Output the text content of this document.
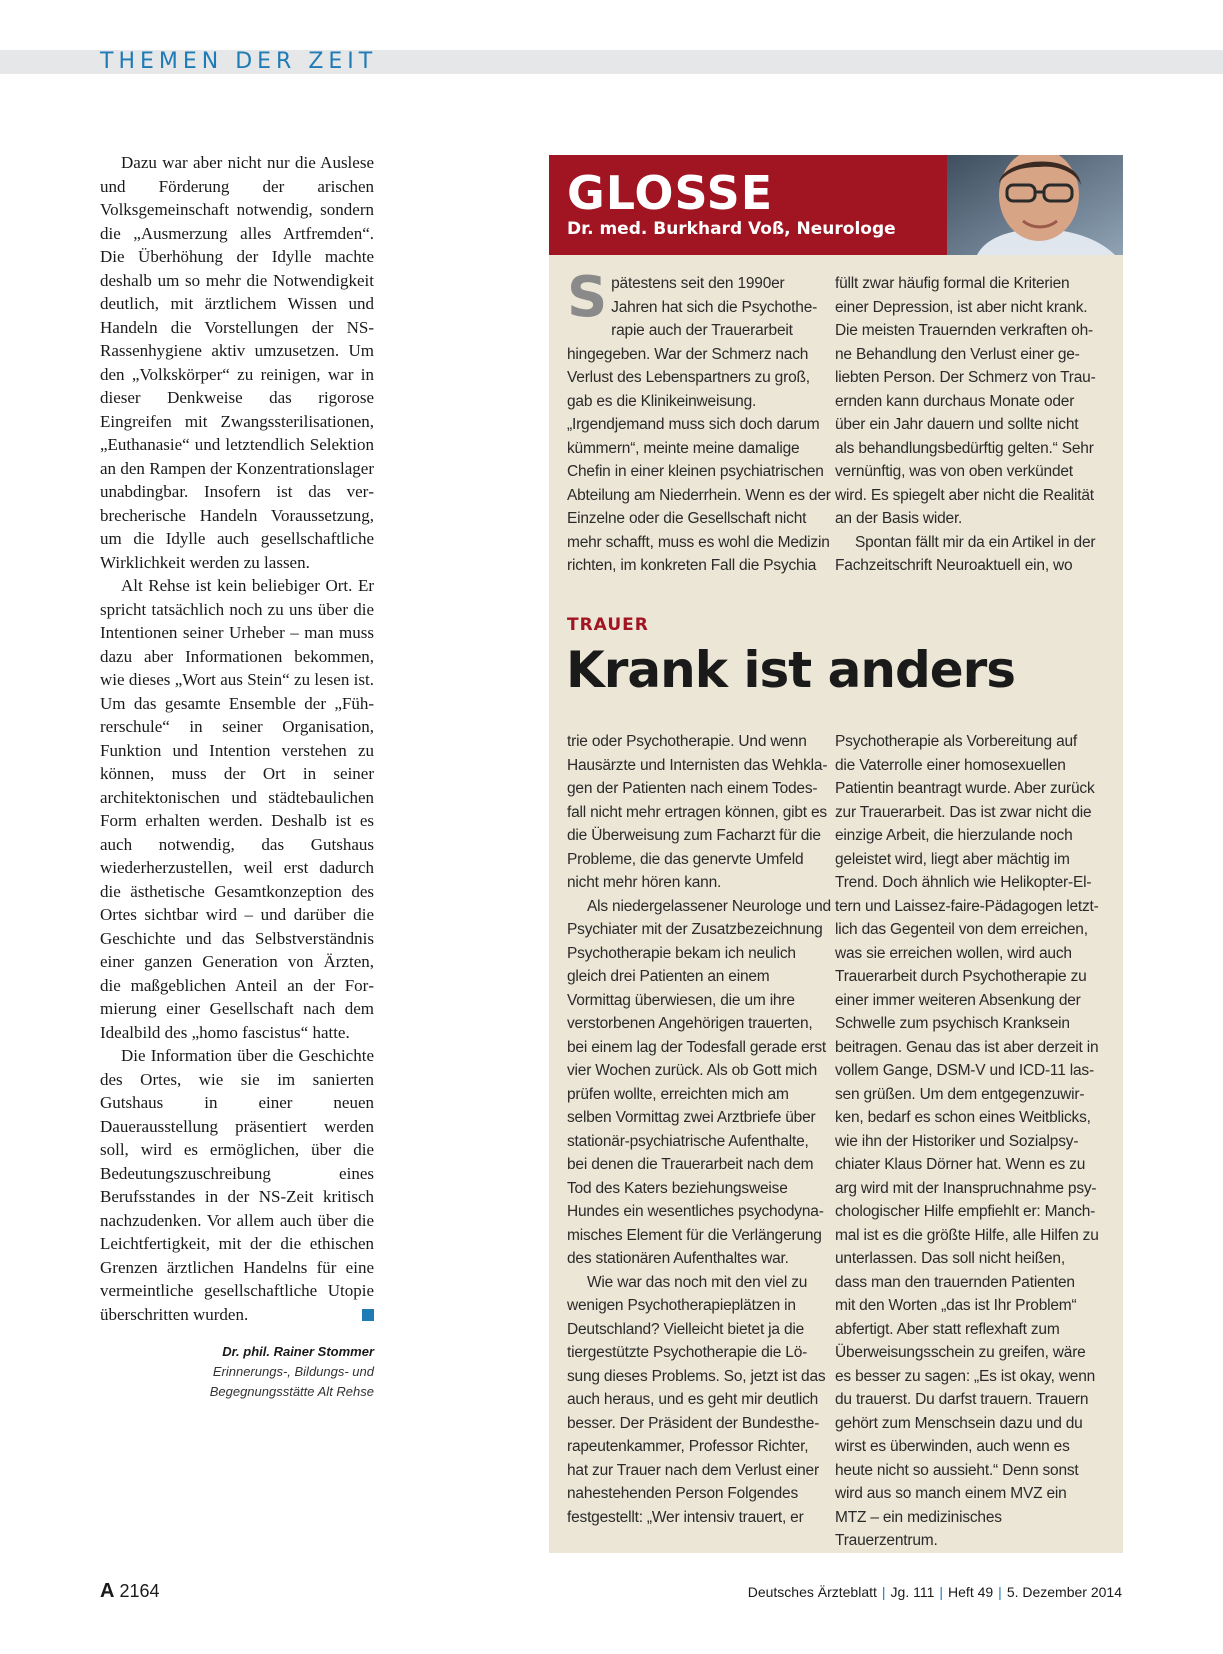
THEMEN DER ZEIT

Dazu war aber nicht nur die Auslese und Förderung der arischen Volksgemeinschaft notwendig, sondern die „Ausmerzung alles Artfremden“. Die Überhöhung der Idylle machte deshalb um so mehr die Notwendigkeit deutlich, mit ärztlichem Wissen und Handeln die Vorstellungen der NS-Rassenhygiene aktiv umzusetzen. Um den „Volkskörper“ zu reinigen, war in dieser Denkweise das rigorose Eingreifen mit Zwangssterilisationen, „Euthanasie“ und letztendlich Selektion an den Rampen der Konzentrationslager unabdingbar. Insofern ist das verbrecherische Handeln Voraussetzung, um die Idylle auch gesellschaftliche Wirklichkeit werden zu lassen.

Alt Rehse ist kein beliebiger Ort. Er spricht tatsächlich noch zu uns über die Intentionen seiner Urheber – man muss dazu aber Informationen bekommen, wie dieses „Wort aus Stein“ zu lesen ist. Um das gesamte Ensemble der „Führerschule“ in seiner Organisation, Funktion und Intention verstehen zu können, muss der Ort in seiner architektonischen und städtebaulichen Form erhalten werden. Deshalb ist es auch notwendig, das Gutshaus wiederherzustellen, weil erst dadurch die ästhetische Gesamtkonzeption des Ortes sichtbar wird – und darüber die Geschichte und das Selbstverständnis einer ganzen Generation von Ärzten, die maßgeblichen Anteil an der Formierung einer Gesellschaft nach dem Idealbild des „homo fascistus“ hatte.

Die Information über die Geschichte des Ortes, wie sie im sanierten Gutshaus in einer neuen Dauerausstellung präsentiert werden soll, wird es ermöglichen, über die Bedeutungszuschreibung eines Berufsstandes in der NS-Zeit kritisch nachzudenken. Vor allem auch über die Leichtfertigkeit, mit der die ethischen Grenzen ärztlichen Handelns für eine vermeintliche gesellschaftliche Utopie überschritten wurden.

Dr. phil. Rainer Stommer
Erinnerungs-, Bildungs- und
Begegnungsstätte Alt Rehse
GLOSSE
Dr. med. Burkhard Voß, Neurologe

Spätestens seit den 1990er Jahren hat sich die Psychotherapie auch der Trauerarbeit hingegeben. War der Schmerz nach Verlust des Lebenspartners zu groß, gab es die Klinikeinweisung. „Irgendjemand muss sich doch darum kümmern“, meinte meine damalige Chefin in einer kleinen psychiatrischen Abteilung am Niederrhein. Wenn es der Einzelne oder die Gesellschaft nicht mehr schafft, muss es wohl die Medizin richten, im konkreten Fall die Psychia

füllt zwar häufig formal die Kriterien einer Depression, ist aber nicht krank. Die meisten Trauernden verkraften ohne Behandlung den Verlust einer geliebten Person. Der Schmerz von Trauernden kann durchaus Monate oder über ein Jahr dauern und sollte nicht als behandlungsbedürftig gelten.“ Sehr vernünftig, was von oben verkündet wird. Es spiegelt aber nicht die Realität an der Basis wider.

Spontan fällt mir da ein Artikel in der Fachzeitschrift Neuroaktuell ein, wo

TRAUER
Krank ist anders

trie oder Psychotherapie. Und wenn Hausärzte und Internisten das Wehklagen der Patienten nach einem Todesfall nicht mehr ertragen können, gibt es die Überweisung zum Facharzt für die Probleme, die das genervte Umfeld nicht mehr hören kann.

Als niedergelassener Neurologe und Psychiater mit der Zusatzbezeichnung Psychotherapie bekam ich neulich gleich drei Patienten an einem Vormittag überwiesen, die um ihre verstorbenen Angehörigen trauerten, bei einem lag der Todesfall gerade erst vier Wochen zurück. Als ob Gott mich prüfen wollte, erreichten mich am selben Vormittag zwei Arztbriefe über stationär-psychiatrische Aufenthalte, bei denen die Trauerarbeit nach dem Tod des Katers beziehungsweise Hundes ein wesentliches psychodynamisches Element für die Verlängerung des stationären Aufenthaltes war.

Wie war das noch mit den viel zu wenigen Psychotherapieplätzen in Deutschland? Vielleicht bietet ja die tiergestützte Psychotherapie die Lösung dieses Problems. So, jetzt ist das auch heraus, und es geht mir deutlich besser. Der Präsident der Bundestherapeutenkammer, Professor Richter, hat zur Trauer nach dem Verlust einer nahestehenden Person Folgendes festgestellt: „Wer intensiv trauert, er

Psychotherapie als Vorbereitung auf die Vaterrolle einer homosexuellen Patientin beantragt wurde. Aber zurück zur Trauerarbeit. Das ist zwar nicht die einzige Arbeit, die hierzulande noch geleistet wird, liegt aber mächtig im Trend. Doch ähnlich wie Helikopter-Eltern und Laissez-faire-Pädagogen letztlich das Gegenteil von dem erreichen, was sie erreichen wollen, wird auch Trauerarbeit durch Psychotherapie zu einer immer weiteren Absenkung der Schwelle zum psychisch Kranksein beitragen. Genau das ist aber derzeit in vollem Gange, DSM-V und ICD-11 lassen grüßen. Um dem entgegenzuwirken, bedarf es schon eines Weitblicks, wie ihn der Historiker und Sozialpsychiater Klaus Dörner hat. Wenn es zu arg wird mit der Inanspruchnahme psychologischer Hilfe empfiehlt er: Manchmal ist es die größte Hilfe, alle Hilfen zu unterlassen. Das soll nicht heißen, dass man den trauernden Patienten mit den Worten „das ist Ihr Problem“ abfertigt. Aber statt reflexhaft zum Überweisungsschein zu greifen, wäre es besser zu sagen: „Es ist okay, wenn du trauerst. Du darfst trauern. Trauern gehört zum Menschsein dazu und du wirst es überwinden, auch wenn es heute nicht so aussieht.“ Denn sonst wird aus so manch einem MVZ ein MTZ – ein medizinisches Trauerzentrum.

A 2164	Deutsches Ärzteblatt | Jg. 111 | Heft 49 | 5. Dezember 2014
